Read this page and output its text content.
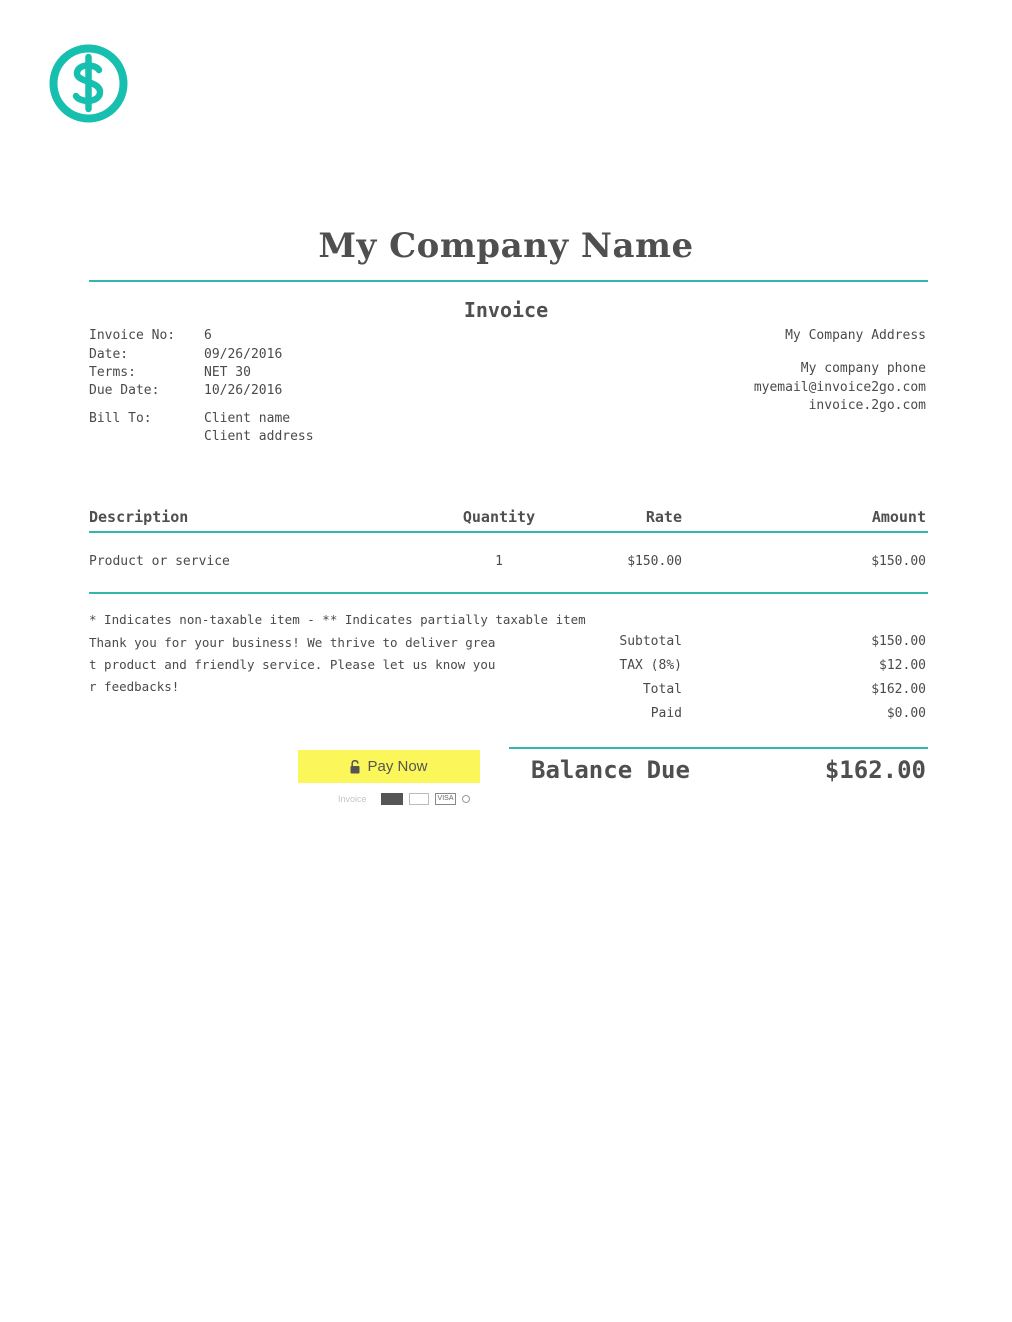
My Company Name
Invoice
Invoice No: 6
Date:	09/26/2016
Terms:	NET 30
Due Date:	10/26/2016
Bill To:	Client name
Client address
My Company Address
My company phone
myemail@invoice2go.com
invoice.2go.com
Description	Quantity	Rate	Amount
Product or service	1	$150.00	$150.00
* Indicates non-taxable item - ** Indicates partially taxable item
Thank you for your business! We thrive to deliver great product and friendly service. Please let us know your feedbacks!
Subtotal	$150.00
TAX (8%)	$12.00
Total	$162.00
Paid	$0.00
Pay Now
Invoice	VISA
Balance Due	$162.00
